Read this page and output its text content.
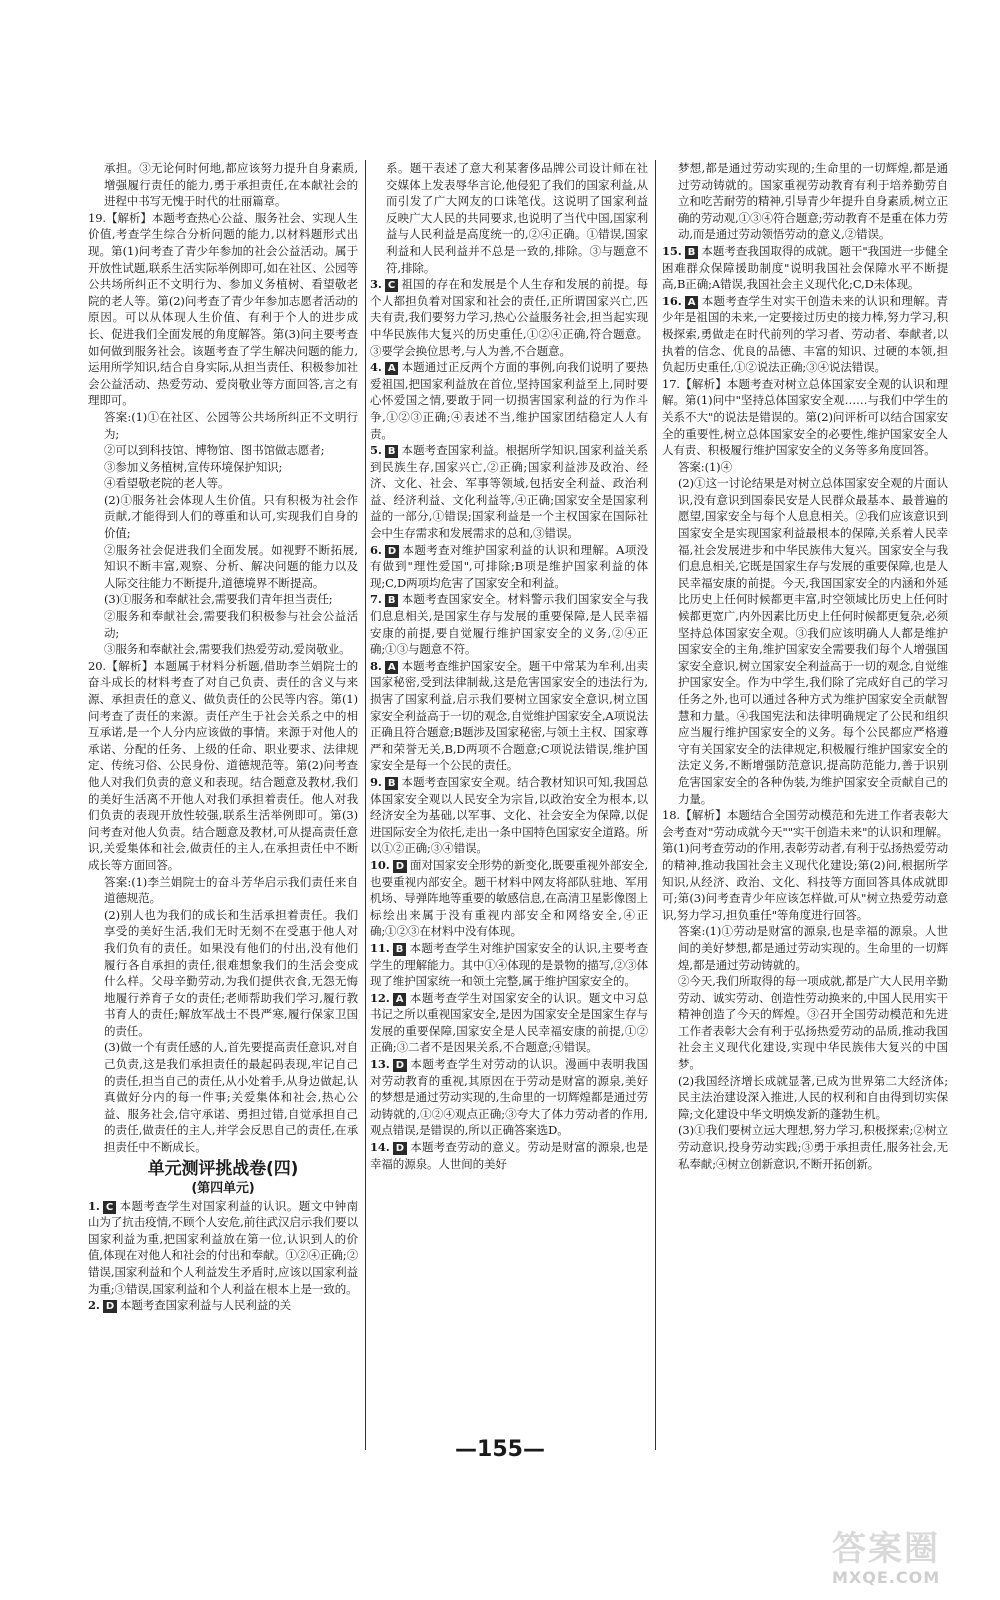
承担。③无论何时何地,都应该努力提升自身素质,增强履行责任的能力,勇于承担责任,在本献社会的进程中书写无愧于时代的壮丽篇章。

19.【解析】本题考查热心公益、服务社会、实现人生价值,考查学生综合分析问题的能力,以材料题形式出现。第(1)问考查了青少年参加的社会公益活动。属于开放性试题,联系生活实际举例即可,如在社区、公园等公共场所纠正不文明行为、参加义务植树、看望敬老院的老人等。第(2)问考查了青少年参加志愿者活动的原因。可以从体现人生价值、有利于个人的进步成长、促进我们全面发展的角度解答。第(3)问主要考查如何做到服务社会。该题考查了学生解决问题的能力,运用所学知识,结合自身实际,从担当责任、积极参加社会公益活动、热爱劳动、爱岗敬业等方面回答,言之有理即可。

答案:(1)①在社区、公园等公共场所纠正不文明行为;

②可以到科技馆、博物馆、图书馆做志愿者;

③参加义务植树,宣传环境保护知识;

④看望敬老院的老人等。

(2)①服务社会体现人生价值。只有积极为社会作贡献,才能得到人们的尊重和认可,实现我们自身的价值;

②服务社会促进我们全面发展。如视野不断拓展,知识不断丰富,观察、分析、解决问题的能力以及人际交往能力不断提升,道德境界不断提高。

(3)①服务和奉献社会,需要我们青年担当责任;

②服务和奉献社会,需要我们积极参与社会公益活动;

③服务和奉献社会,需要我们热爱劳动,爱岗敬业。

20.【解析】本题属于材料分析题,借助李兰娟院士的奋斗成长的材料考查了对自己负责、责任的含义与来源、承担责任的意义、做负责任的公民等内容。第(1)问考查了责任的来源。责任产生于社会关系之中的相互承诺,是一个人分内应该做的事情。来源于对他人的承诺、分配的任务、上级的任命、职业要求、法律规定、传统习俗、公民身份、道德规范等。第(2)问考查他人对我们负责的意义和表现。结合题意及教材,我们的美好生活离不开他人对我们承担着责任。他人对我们负责的表现开放性较强,联系生活举例即可。第(3)问考查对他人负责。结合题意及教材,可从提高责任意识,关爱集体和社会,做责任的主人,在承担责任中不断成长等方面回答。

答案:(1)李兰娟院士的奋斗芳华启示我们责任来自道德规范。

(2)别人也为我们的成长和生活承担着责任。我们享受的美好生活,我们无时无刻不在受惠于他人对我们负有的责任。如果没有他们的付出,没有他们履行各自承担的责任,很难想象我们的生活会变成什么样。父母辛勤劳动,为我们提供衣食,无怨无悔地履行养育子女的责任;老师帮助我们学习,履行教书育人的责任;解放军战士不畏严寒,履行保家卫国的责任。

(3)做一个有责任感的人,首先要提高责任意识,对自己负责,这是我们承担责任的最起码表现,牢记自己的责任,担当自己的责任,从小处着手,从身边做起,认真做好分内的每一件事;关爱集体和社会,热心公益、服务社会,信守承诺、勇担过错,自觉承担自己的责任,做责任的主人,并学会反思自己的责任,在承担责任中不断成长。

单元测评挑战卷(四)
(第四单元)

1. C 本题考查学生对国家利益的认识。题文中钟南山为了抗击疫情,不顾个人安危,前往武汉启示我们要以国家利益为重,把国家利益放在第一位,认识到人的价值,体现在对他人和社会的付出和奉献。①②④正确;②错误,国家利益和个人利益发生矛盾时,应该以国家利益为重;③错误,国家利益和个人利益在根本上是一致的。

2. D 本题考查国家利益与人民利益的关

系。题干表述了意大利某奢侈品牌公司设计师在社交媒体上发表辱华言论,他侵犯了我们的国家利益,从而引发了广大网友的口诛笔伐。这说明了国家利益反映广大人民的共同要求,也说明了当代中国,国家利益与人民利益是高度统一的,②④正确。①错误,国家利益和人民利益并不总是一致的,排除。③与题意不符,排除。

3. C 祖国的存在和发展是个人生存和发展的前提。每个人都担负着对国家和社会的责任,正所谓国家兴亡,匹夫有责,我们要努力学习,热心公益服务社会,担当起实现中华民族伟大复兴的历史重任,①②④正确,符合题意。③要学会换位思考,与人为善,不合题意。

4. A 本题通过正反两个方面的事例,向我们说明了要热爱祖国,把国家利益放在首位,坚持国家利益至上,同时要心怀爱国之情,要敢于同一切损害国家利益的行为作斗争,①②③正确;④表述不当,维护国家团结稳定人人有责。

5. B 本题考查国家利益。根据所学知识,国家利益关系到民族生存,国家兴亡,②正确;国家利益涉及政治、经济、文化、社会、军事等领域,包括安全利益、政治利益、经济利益、文化利益等,④正确;国家安全是国家利益的一部分,①错误;国家利益是一个主权国家在国际社会中生存需求和发展需求的总和,③错误。

6. D 本题考查对维护国家利益的认识和理解。A项没有做到"理性爱国",可排除;B项是维护国家利益的体现;C,D两项均危害了国家安全和利益。

7. B 本题考查国家安全。材料警示我们国家安全与我们息息相关,是国家生存与发展的重要保障,是人民幸福安康的前提,要自觉履行维护国家安全的义务,②④正确;①③与题意不符。

8. A 本题考查维护国家安全。题干中常某为牟利,出卖国家秘密,受到法律制裁,这是危害国家安全的违法行为,损害了国家利益,启示我们要树立国家安全意识,树立国家安全利益高于一切的观念,自觉维护国家安全,A项说法正确且符合题意;B题涉及国家秘密,与领土主权、国家尊严和荣誉无关,B,D两项不合题意;C项说法错误,维护国家安全是每一个公民的责任。

9. B 本题考查国家安全观。结合教材知识可知,我国总体国家安全观以人民安全为宗旨,以政治安全为根本,以经济安全为基础,以军事、文化、社会安全为保障,以促进国际安全为依托,走出一条中国特色国家安全道路。所以①②正确;③④错误。

10. D 面对国家安全形势的新变化,既要重视外部安全,也要重视内部安全。题干材料中网友将部队驻地、军用机场、导弹阵地等重要的敏感信息,在高清卫星影像图上标绘出来属于没有重视内部安全和网络安全,④正确;①②③在材料中没有体现。

11. B 本题考查学生对维护国家安全的认识,主要考查学生的理解能力。其中①④体现的是景物的描写,②③体现了维护国家统一和领土完整,属于维护国家安全的。

12. A 本题考查学生对国家安全的认识。题文中习总书记之所以重视国家安全,是因为国家安全是国家生存与发展的重要保障,国家安全是人民幸福安康的前提,①②正确;③二者不是因果关系,不合题意;④错误。

13. D 本题考查学生对劳动的认识。漫画中表明我国对劳动教育的重视,其原因在于劳动是财富的源泉,美好的梦想是通过劳动实现的,生命里的一切辉煌都是通过劳动铸就的,①②④观点正确;③夸大了体力劳动者的作用,观点错误,是错误的,所以正确答案选D。

14. D 本题考查劳动的意义。劳动是财富的源泉,也是幸福的源泉。人世间的美好

梦想,都是通过劳动实现的;生命里的一切辉煌,都是通过劳动铸就的。国家重视劳动教育有利于培养勤劳自立和吃苦耐劳的精神,引导青少年提升自身素质,树立正确的劳动观,①③④符合题意;劳动教育不是重在体力劳动,而是通过劳动领悟劳动的意义,②错误。

15. B 本题考查我国取得的成就。题干"我国进一步健全困难群众保障援助制度"说明我国社会保障水平不断提高,B正确;A错误,我国社会主义现代化;C,D未体现。

16. A 本题考查学生对实干创造未来的认识和理解。青少年是祖国的未来,一定要接过历史的接力棒,努力学习,积极探索,勇做走在时代前列的学习者、劳动者、奉献者,以执着的信念、优良的品德、丰富的知识、过硬的本领,担负起历史重任,①②说法正确;③④说法错误。

17.【解析】本题考查对树立总体国家安全观的认识和理解。第(1)问中"坚持总体国家安全观……与我们中学生的关系不大"的说法是错误的。第(2)问评析可以结合国家安全的重要性,树立总体国家安全的必要性,维护国家安全人人有责、积极履行维护国家安全的义务等多角度回答。

答案:(1)④

(2)①这一讨论结果是对树立总体国家安全观的片面认识,没有意识到国泰民安是人民群众最基本、最普遍的愿望,国家安全与每个人息息相关。②我们应该意识到国家安全是实现国家利益最根本的保障,关系着人民幸福,社会发展进步和中华民族伟大复兴。国家安全与我们息息相关,它既是国家生存与发展的重要保障,也是人民幸福安康的前提。今天,我国国家安全的内涵和外延比历史上任何时候都更丰富,时空领域比历史上任何时候都更宽广,内外因素比历史上任何时候都更复杂,必须坚持总体国家安全观。③我们应该明确人人都是维护国家安全的主角,维护国家安全需要我们每个人增强国家安全意识,树立国家安全利益高于一切的观念,自觉维护国家安全。作为中学生,我们除了完成好自己的学习任务之外,也可以通过各种方式为维护国家安全贡献智慧和力量。④我国宪法和法律明确规定了公民和组织应当履行维护国家安全的义务。每个公民都应严格遵守有关国家安全的法律规定,积极履行维护国家安全的法定义务,不断增强防范意识,提高防范能力,善于识别危害国家安全的各种伪装,为维护国家安全贡献自己的力量。

18.【解析】本题结合全国劳动模范和先进工作者表彰大会考查对"劳动成就今天""实干创造未来"的认识和理解。第(1)问考查劳动的作用,表彰劳动者,有利于弘扬热爱劳动的精神,推动我国社会主义现代化建设;第(2)问,根据所学知识,从经济、政治、文化、科技等方面回答具体成就即可;第(3)问考查青少年应该怎样做,可从"树立热爱劳动意识,努力学习,担负重任"等角度进行回答。

答案:(1)①劳动是财富的源泉,也是幸福的源泉。人世间的美好梦想,都是通过劳动实现的。生命里的一切辉煌,都是通过劳动铸就的。

②今天,我们所取得的每一项成就,都是广大人民用辛勤劳动、诚实劳动、创造性劳动换来的,中国人民用实干精神创造了今天的辉煌。③召开全国劳动模范和先进工作者表彰大会有利于弘扬热爱劳动的品质,推动我国社会主义现代化建设,实现中华民族伟大复兴的中国梦。

(2)我国经济增长成就显著,已成为世界第二大经济体;民主法治建设深入推进,人民的权利和自由得到切实保障;文化建设中华文明焕发新的蓬勃生机。

(3)①我们要树立远大理想,努力学习,积极探索;②树立劳动意识,投身劳动实践;③勇于承担责任,服务社会,无私奉献;④树立创新意识,不断开拓创新。

—155—
答案圈
MXQE.COM
